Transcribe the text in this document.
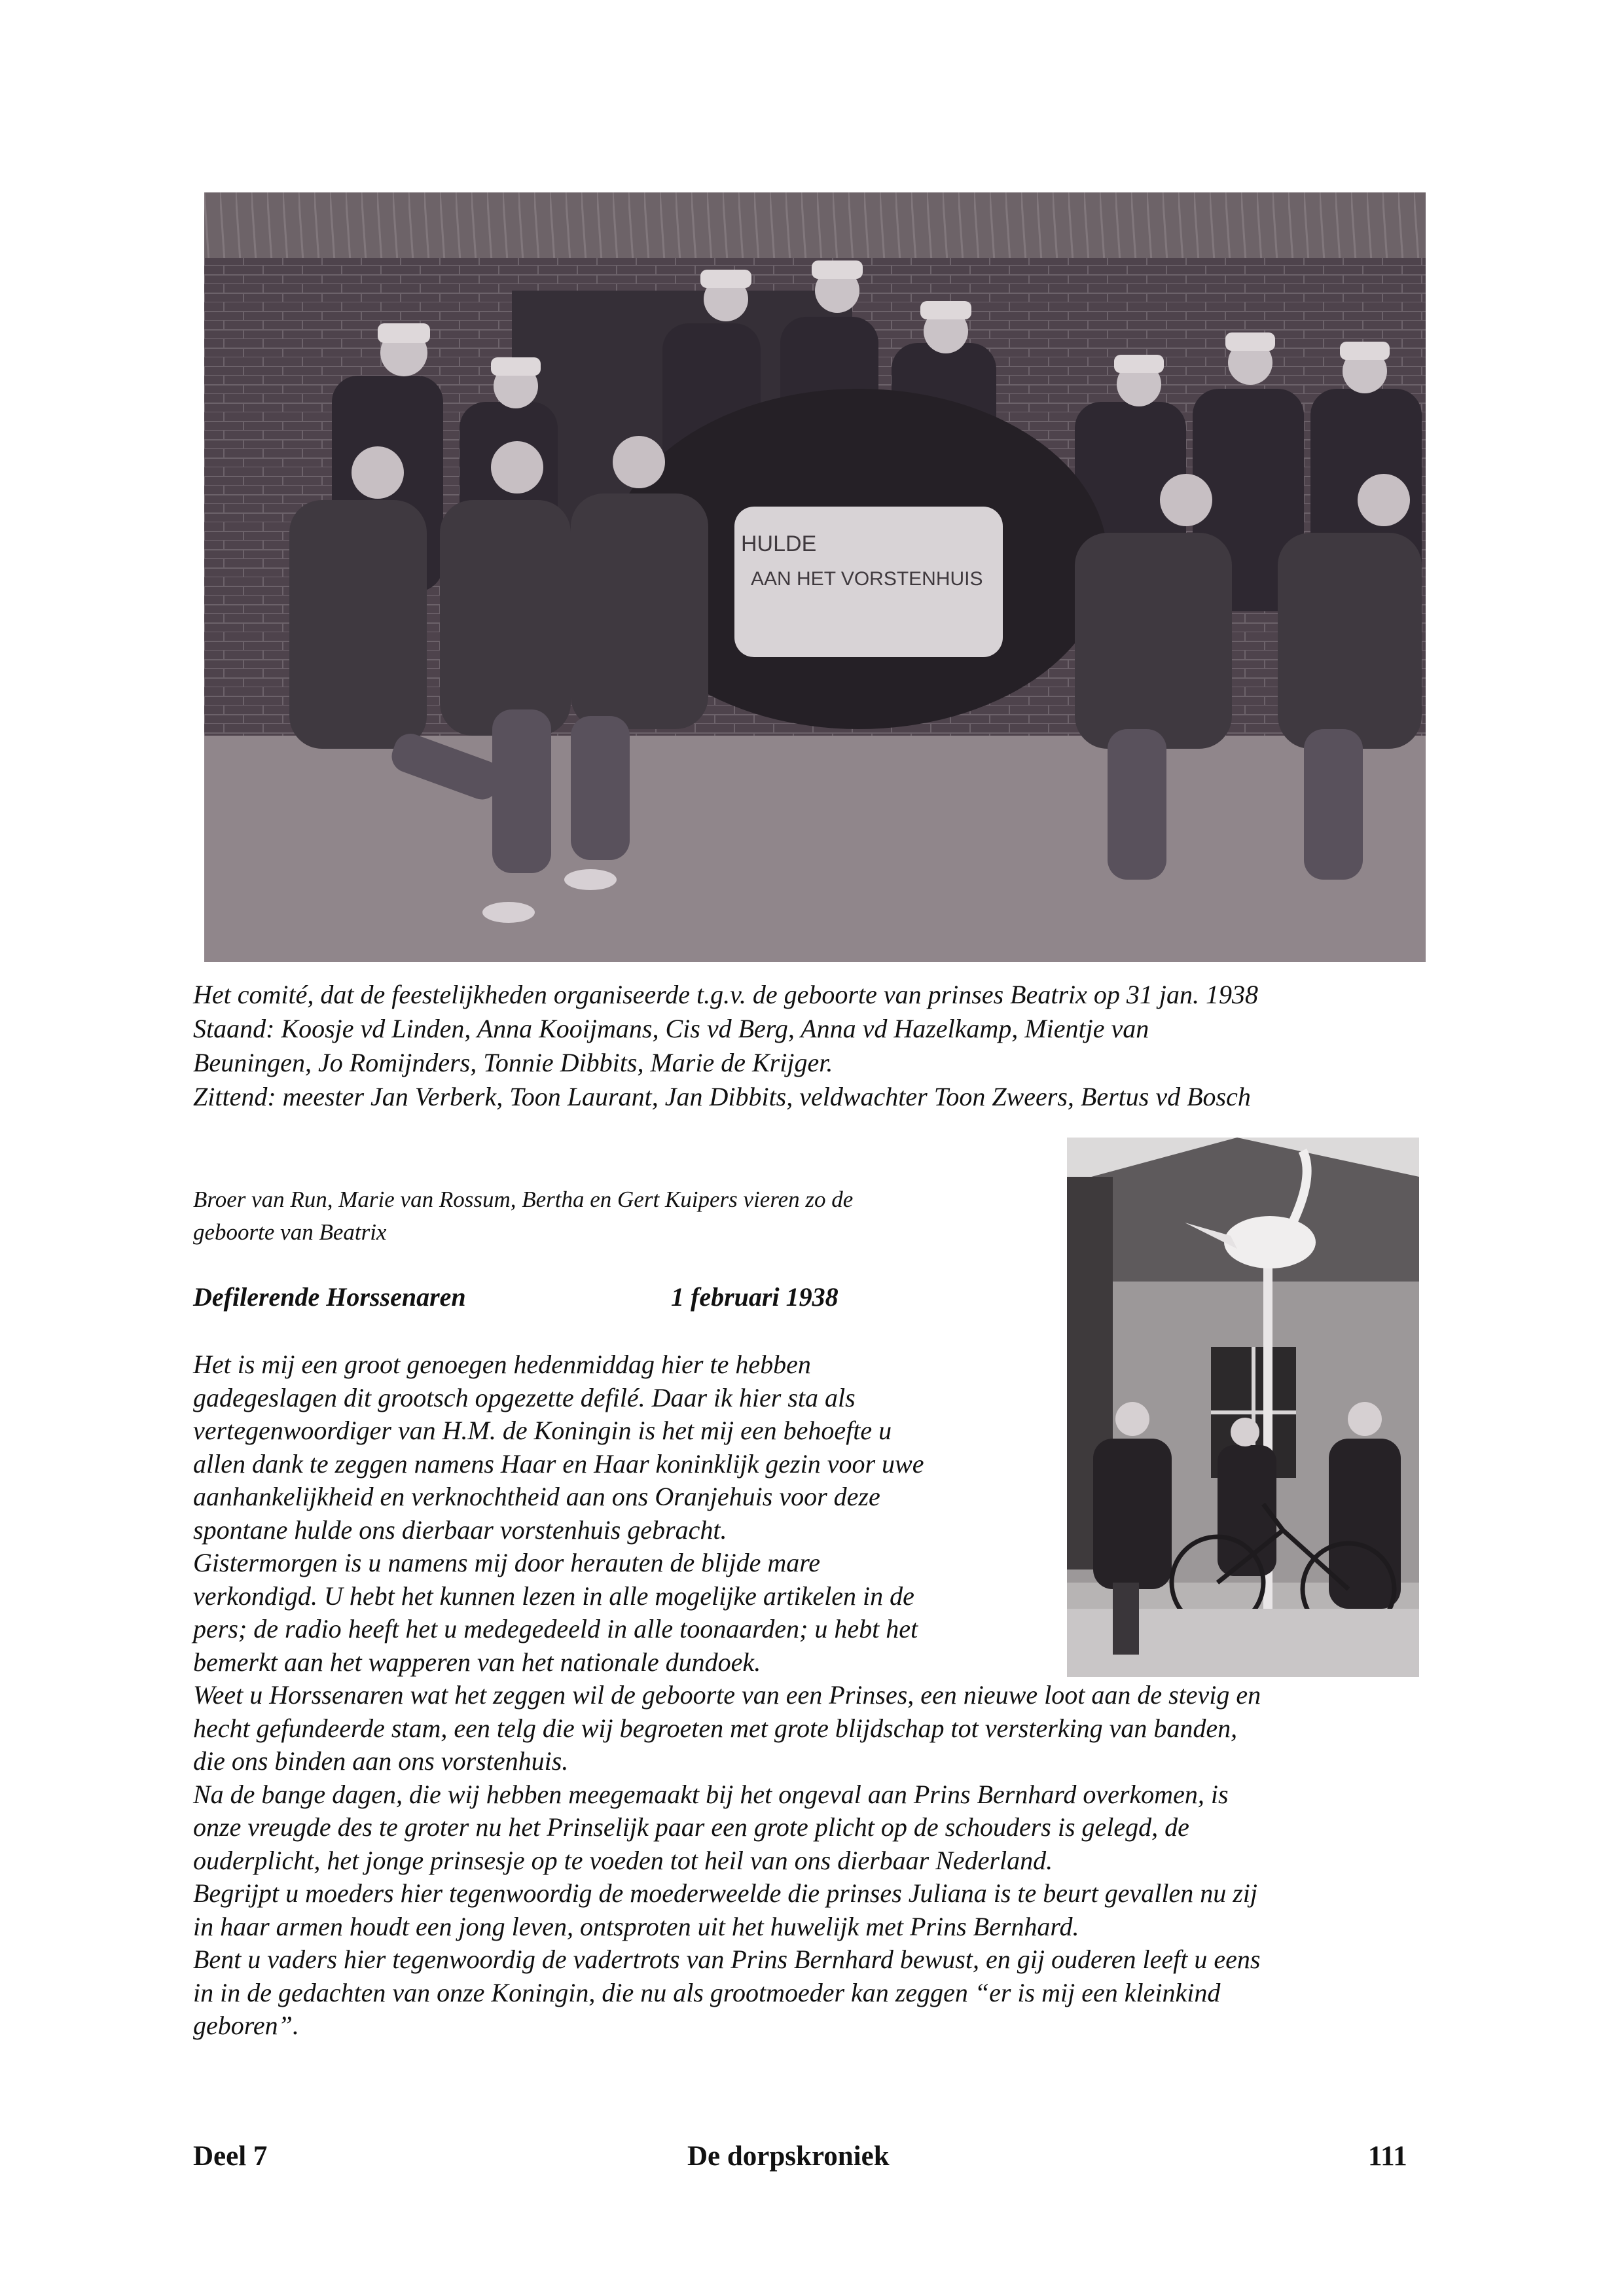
HULDE
AAN HET VORSTENHUIS
Het comité, dat de feestelijkheden organiseerde t.g.v. de geboorte van prinses Beatrix op 31 jan. 1938
Staand: Koosje vd Linden, Anna Kooijmans, Cis vd Berg, Anna vd Hazelkamp, Mientje van
Beuningen, Jo Romijnders, Tonnie Dibbits, Marie de Krijger.
Zittend: meester Jan Verberk, Toon Laurant, Jan Dibbits, veldwachter Toon Zweers, Bertus vd Bosch
Broer van Run, Marie van Rossum, Bertha en Gert Kuipers vieren zo de
geboorte van Beatrix
Defilerende Horssenaren	1 februari 1938
Het is mij een groot genoegen hedenmiddag hier te hebben
gadegeslagen dit grootsch opgezette defilé. Daar ik hier sta als
vertegenwoordiger van H.M. de Koningin is het mij een behoefte u
allen dank te zeggen namens Haar en Haar koninklijk gezin voor uwe
aanhankelijkheid en verknochtheid aan ons Oranjehuis voor deze
spontane hulde ons dierbaar vorstenhuis gebracht.
Gistermorgen is u namens mij door herauten de blijde mare
verkondigd. U hebt het kunnen lezen in alle mogelijke artikelen in de
pers; de radio heeft het u medegedeeld in alle toonaarden; u hebt het
bemerkt aan het wapperen van het nationale dundoek.
Weet u Horssenaren wat het zeggen wil de geboorte van een Prinses, een nieuwe loot aan de stevig en
hecht gefundeerde stam, een telg die wij begroeten met grote blijdschap tot versterking van banden,
die ons binden aan ons vorstenhuis.
Na de bange dagen, die wij hebben meegemaakt bij het ongeval aan Prins Bernhard overkomen, is
onze vreugde des te groter nu het Prinselijk paar een grote plicht op de schouders is gelegd, de
ouderplicht, het jonge prinsesje op te voeden tot heil van ons dierbaar Nederland.
Begrijpt u moeders hier tegenwoordig de moederweelde die prinses Juliana is te beurt gevallen nu zij
in haar armen houdt een jong leven, ontsproten uit het huwelijk met Prins Bernhard.
Bent u vaders hier tegenwoordig de vadertrots van Prins Bernhard bewust, en gij ouderen leeft u eens
in in de gedachten van onze Koningin, die nu als grootmoeder kan zeggen “er is mij een kleinkind
geboren”.
Deel 7	De dorpskroniek	111
